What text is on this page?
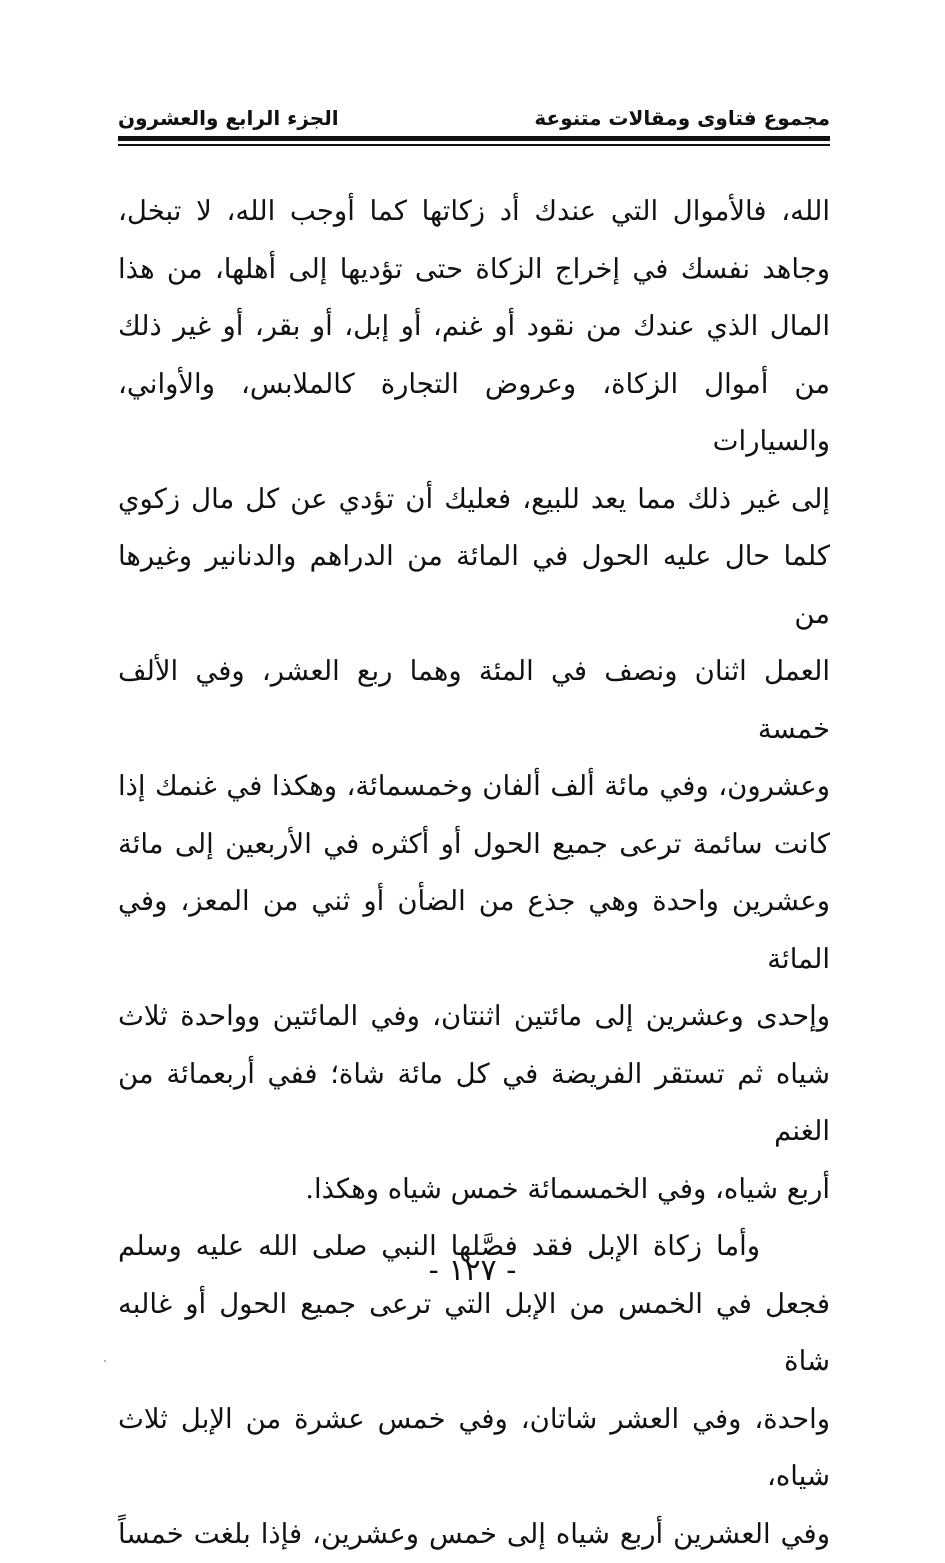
مجموع فتاوى ومقالات متنوعة
الجزء الرابع والعشرون

الله، فالأموال التي عندك أد زكاتها كما أوجب الله، لا تبخل،

وجاهد نفسك في إخراج الزكاة حتى تؤديها إلى أهلها، من هذا

المال الذي عندك من نقود أو غنم، أو إبل، أو بقر، أو غير ذلك

من أموال الزكاة، وعروض التجارة كالملابس، والأواني، والسيارات

إلى غير ذلك مما يعد للبيع، فعليك أن تؤدي عن كل مال زكوي

كلما حال عليه الحول في المائة من الدراهم والدنانير وغيرها من

العمل اثنان ونصف في المئة وهما ربع العشر، وفي الألف خمسة

وعشرون، وفي مائة ألف ألفان وخمسمائة، وهكذا في غنمك إذا

كانت سائمة ترعى جميع الحول أو أكثره في الأربعين إلى مائة

وعشرين واحدة وهي جذع من الضأن أو ثني من المعز، وفي المائة

وإحدى وعشرين إلى مائتين اثنتان، وفي المائتين وواحدة ثلاث

شياه ثم تستقر الفريضة في كل مائة شاة؛ ففي أربعمائة من الغنم

أربع شياه، وفي الخمسمائة خمس شياه وهكذا.

وأما زكاة الإبل فقد فصَّلها النبي صلى الله عليه وسلم

فجعل في الخمس من الإبل التي ترعى جميع الحول أو غالبه شاة

واحدة، وفي العشر شاتان، وفي خمس عشرة من الإبل ثلاث شياه،

وفي العشرين أربع شياه إلى خمس وعشرين، فإذا بلغت خمساً

- ١٢٧ -
